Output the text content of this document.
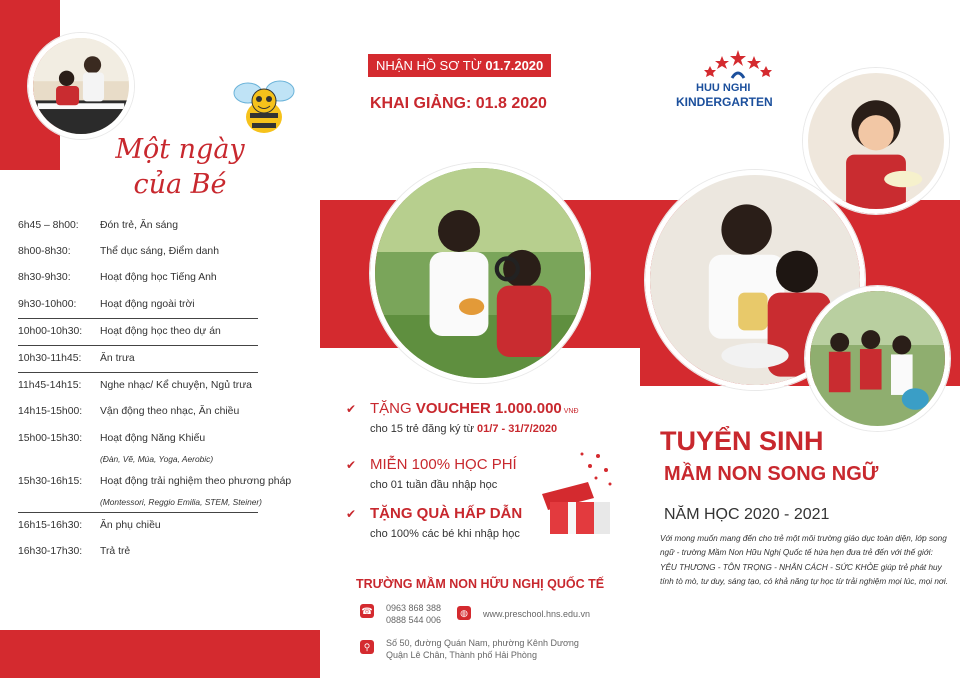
Một ngày
của Bé
6h45 – 8h00: Đón trẻ, Ăn sáng
8h00-8h30:	Thể dục sáng, Điểm danh
8h30-9h30:	Hoạt động học Tiếng Anh
9h30-10h00: Hoạt động ngoài trời
10h00-10h30: Hoạt động học theo dự án
10h30-11h45: Ăn trưa
11h45-14h15: Nghe nhạc/ Kể chuyện, Ngủ trưa
14h15-15h00: Vận động theo nhạc, Ăn chiều
15h00-15h30: Hoạt động Năng Khiếu
(Đàn, Vẽ, Múa, Yoga, Aerobic)
15h30-16h15: Hoạt động trải nghiệm theo phương pháp
(Montessori, Reggio Emilia, STEM, Steiner)
16h15-16h30: Ăn phụ chiều
16h30-17h30: Trả trẻ
NHẬN HỒ SƠ TỪ 01.7.2020
KHAI GIẢNG: 01.8 2020
✔ TẶNG VOUCHER 1.000.000 VNĐ
cho 15 trẻ đăng ký từ 01/7 - 31/7/2020
✔ MIỄN 100% HỌC PHÍ
cho 01 tuần đầu nhập học
✔ TẶNG QUÀ HẤP DẪN
cho 100% các bé khi nhập học
TRƯỜNG MẦM NON HỮU NGHỊ QUỐC TẾ
☎ 0963 868 388
0888 544 006
◍	www.preschool.hns.edu.vn
⚲	Số 50, đường Quán Nam, phường Kênh Dương
Quận Lê Chân, Thành phố Hải Phòng
HUU NGHI
KINDERGARTEN
TUYỂN SINH
MẦM NON SONG NGỮ
NĂM HỌC 2020 - 2021
Với mong muốn mang đến cho trẻ một môi trường giáo dục toàn diện, lớp song ngữ - trường Mầm Non Hữu Nghị Quốc tế hứa hẹn đưa trẻ đến với thế giới: YÊU THƯƠNG - TÔN TRỌNG - NHÂN CÁCH - SỨC KHỎE giúp trẻ phát huy tính tò mò, tư duy, sáng tạo, có khả năng tự học từ trải nghiệm mọi lúc, mọi nơi.
